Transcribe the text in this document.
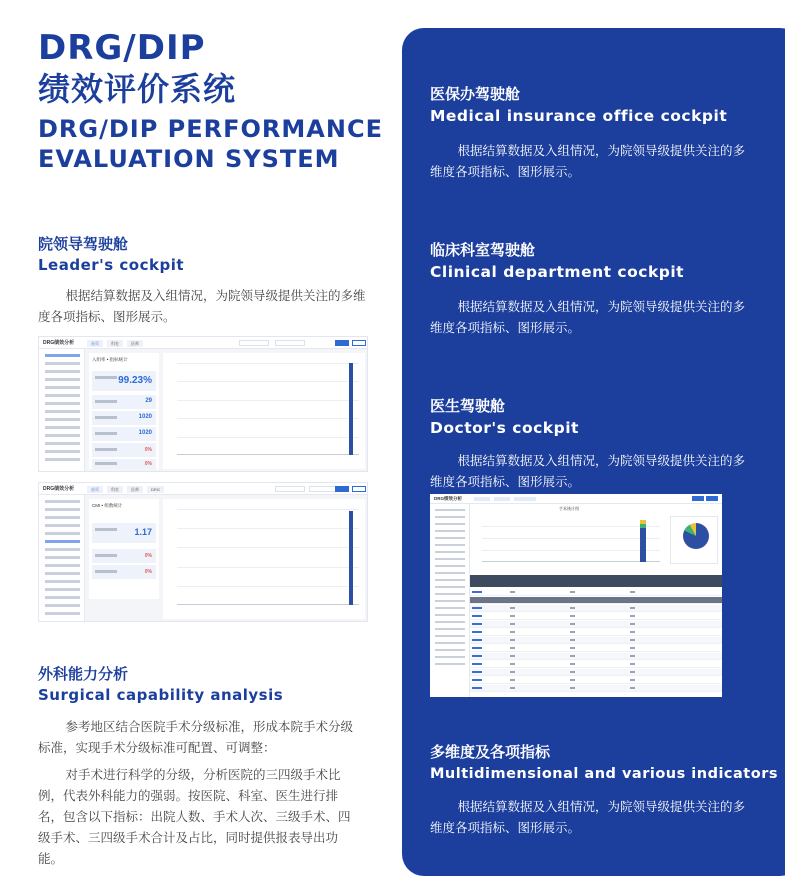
DRG/DIP
绩效评价系统
DRG/DIP PERFORMANCE
EVALUATION SYSTEM
院领导驾驶舱
Leader's cockpit
根据结算数据及入组情况，为院领导级提供关注的多维度各项指标、图形展示。
DRG绩效分析	首页	科室	医师
入组率 • 指标统计
99.23%
29
1020
1020
0%
0%
DRG绩效分析	首页	科室	医师	DRG
CMI • 组数统计
1.17
0%
0%
外科能力分析
Surgical capability analysis
参考地区结合医院手术分级标准，形成本院手术分级标准，实现手术分级标准可配置、可调整：
对手术进行科学的分级，分析医院的三四级手术比例，代表外科能力的强弱。按医院、科室、医生进行排名，包含以下指标：出院人数、手术人次、三级手术、四级手术、三四级手术合计及占比，同时提供报表导出功能。
医保办驾驶舱
Medical insurance office cockpit
根据结算数据及入组情况，为院领导级提供关注的多维度各项指标、图形展示。
临床科室驾驶舱
Clinical department cockpit
根据结算数据及入组情况，为院领导级提供关注的多维度各项指标、图形展示。
医生驾驶舱
Doctor's cockpit
根据结算数据及入组情况，为院领导级提供关注的多维度各项指标、图形展示。
DRG绩效分析
手术统计图
多维度及各项指标
Multidimensional and various indicators
根据结算数据及入组情况，为院领导级提供关注的多维度各项指标、图形展示。
